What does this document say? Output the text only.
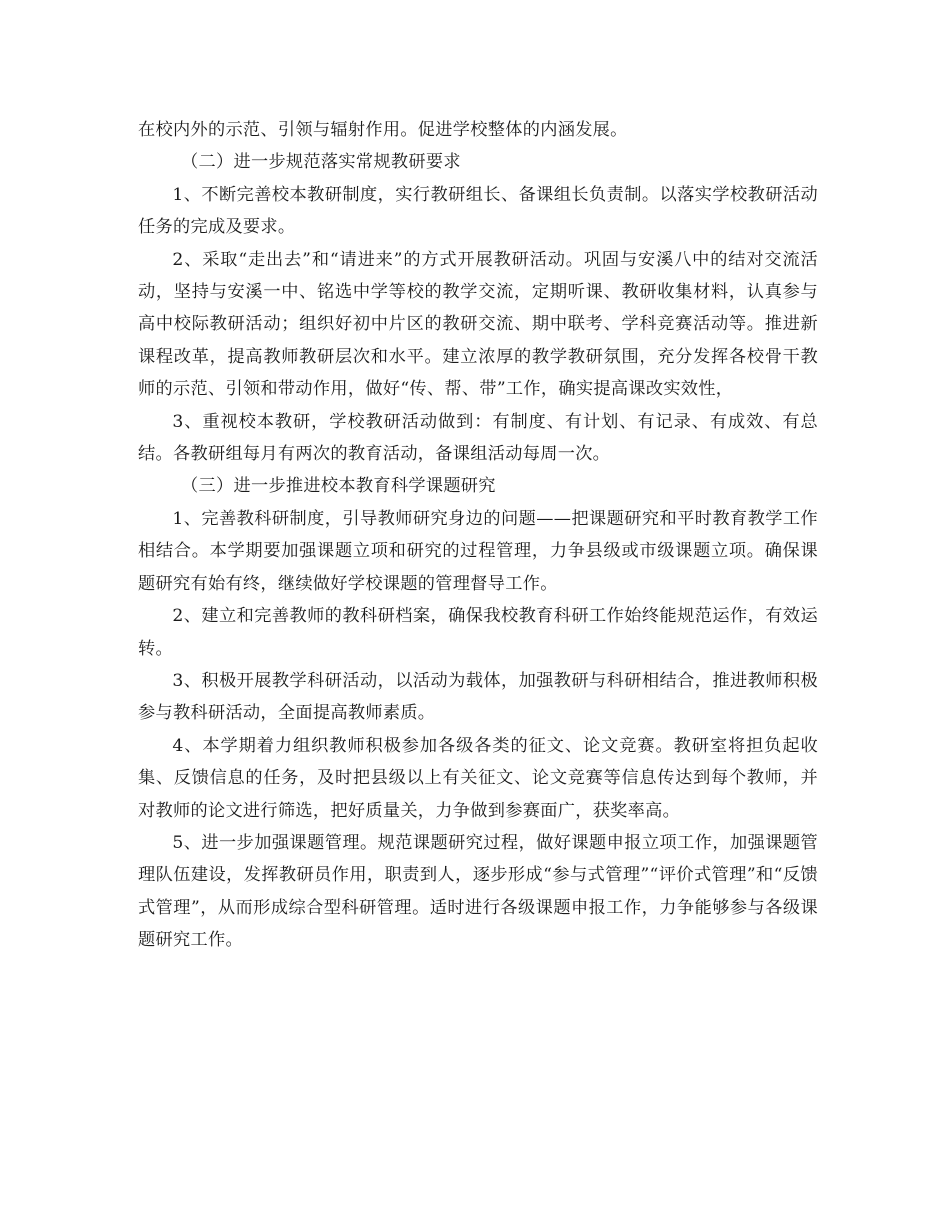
在校内外的示范、引领与辐射作用。促进学校整体的内涵发展。

（二）进一步规范落实常规教研要求

1、不断完善校本教研制度，实行教研组长、备课组长负责制。以落实学校教研活动任务的完成及要求。

2、采取“走出去”和“请进来”的方式开展教研活动。巩固与安溪八中的结对交流活动，坚持与安溪一中、铭选中学等校的教学交流，定期听课、教研收集材料，认真参与高中校际教研活动；组织好初中片区的教研交流、期中联考、学科竞赛活动等。推进新课程改革，提高教师教研层次和水平。建立浓厚的教学教研氛围，充分发挥各校骨干教师的示范、引领和带动作用，做好“传、帮、带”工作，确实提高课改实效性，

3、重视校本教研，学校教研活动做到：有制度、有计划、有记录、有成效、有总结。各教研组每月有两次的教育活动，备课组活动每周一次。

（三）进一步推进校本教育科学课题研究

1、完善教科研制度，引导教师研究身边的问题——把课题研究和平时教育教学工作相结合。本学期要加强课题立项和研究的过程管理，力争县级或市级课题立项。确保课题研究有始有终，继续做好学校课题的管理督导工作。

2、建立和完善教师的教科研档案，确保我校教育科研工作始终能规范运作，有效运转。

3、积极开展教学科研活动，以活动为载体，加强教研与科研相结合，推进教师积极参与教科研活动，全面提高教师素质。

4、本学期着力组织教师积极参加各级各类的征文、论文竞赛。教研室将担负起收集、反馈信息的任务，及时把县级以上有关征文、论文竞赛等信息传达到每个教师，并对教师的论文进行筛选，把好质量关，力争做到参赛面广，获奖率高。

5、进一步加强课题管理。规范课题研究过程，做好课题申报立项工作，加强课题管理队伍建设，发挥教研员作用，职责到人，逐步形成“参与式管理”“评价式管理”和“反馈式管理”，从而形成综合型科研管理。适时进行各级课题申报工作，力争能够参与各级课题研究工作。
